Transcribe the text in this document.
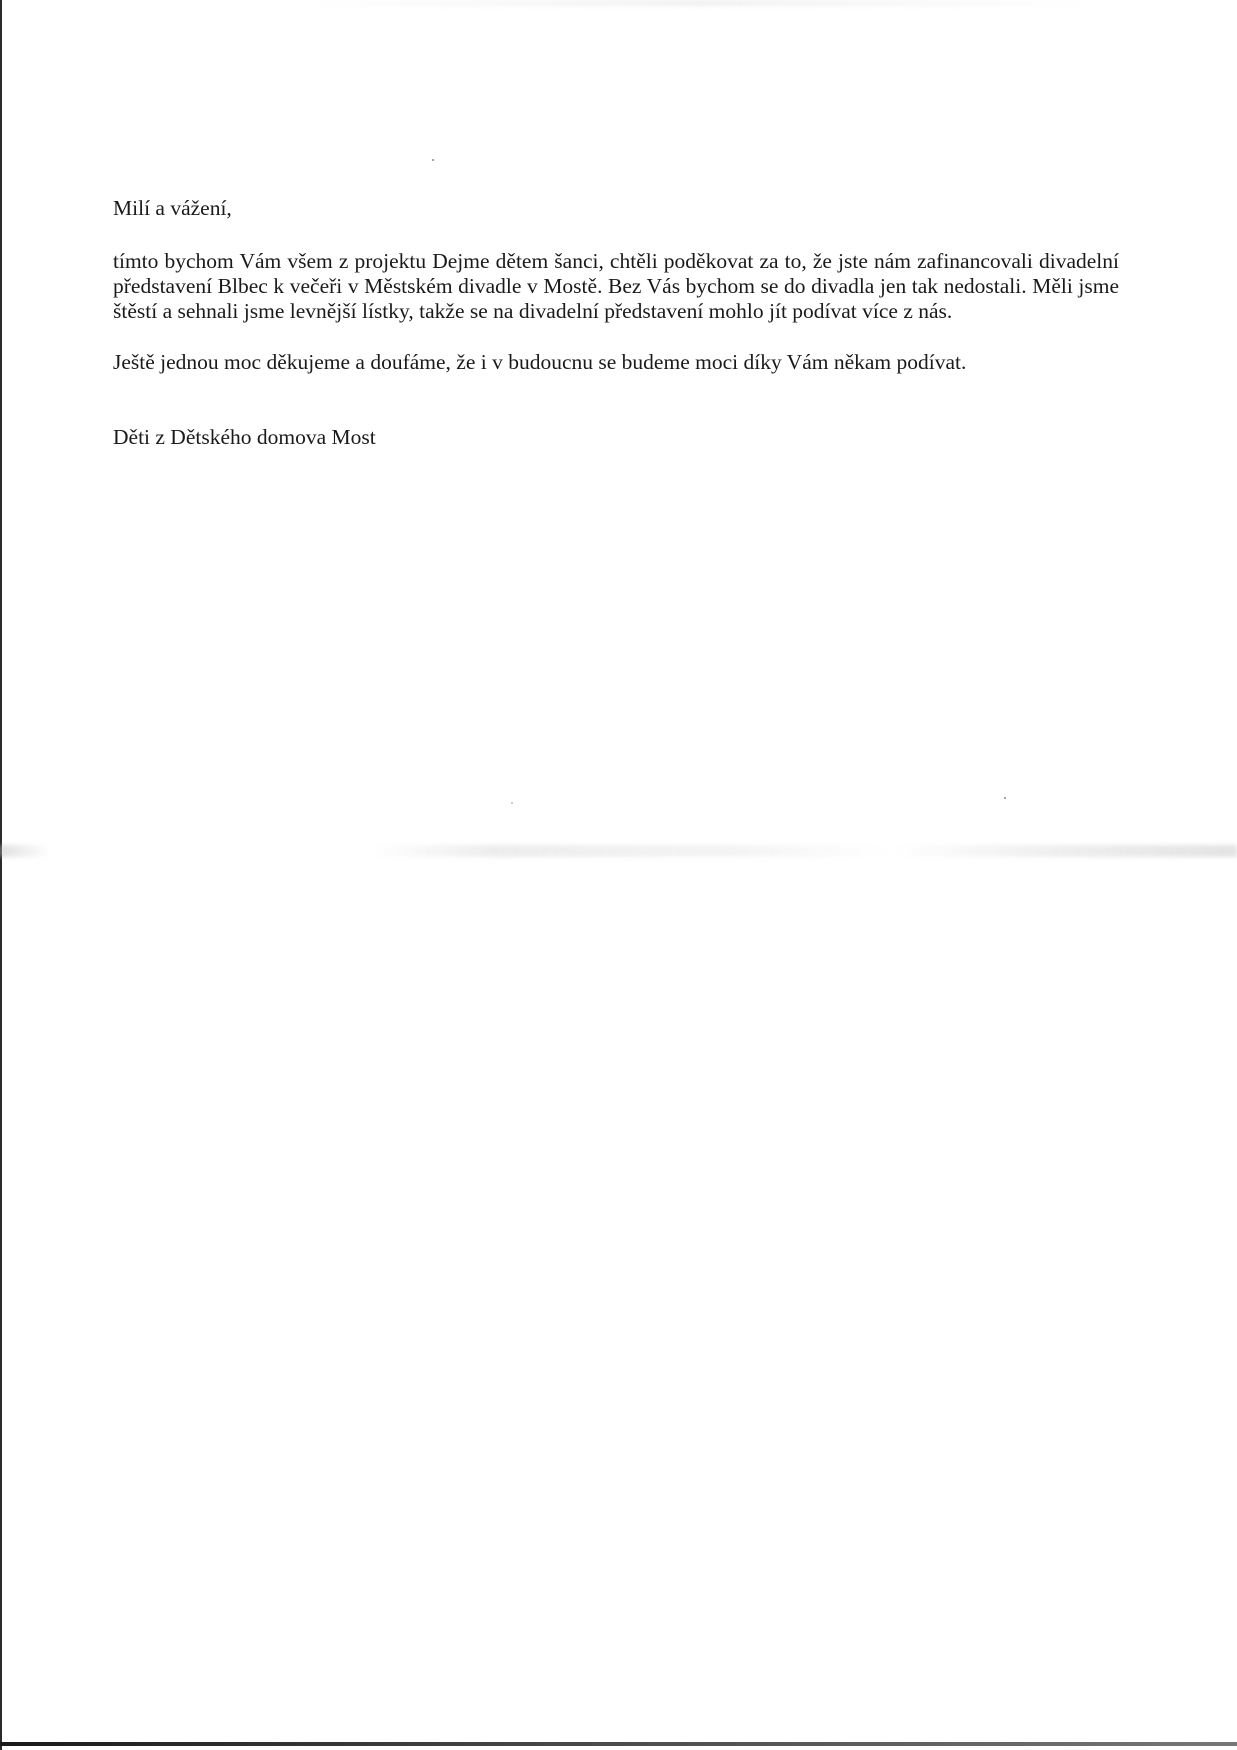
Milí a vážení,

tímto bychom Vám všem z projektu Dejme dětem šanci, chtěli poděkovat za to, že jste nám zafinancovali divadelní představení Blbec k večeři v Městském divadle v Mostě. Bez Vás bychom se do divadla jen tak nedostali. Měli jsme štěstí a sehnali jsme levnější lístky, takže se na divadelní představení mohlo jít podívat více z nás.

Ještě jednou moc děkujeme a doufáme, že i v budoucnu se budeme moci díky Vám někam podívat.

Děti z Dětského domova Most
